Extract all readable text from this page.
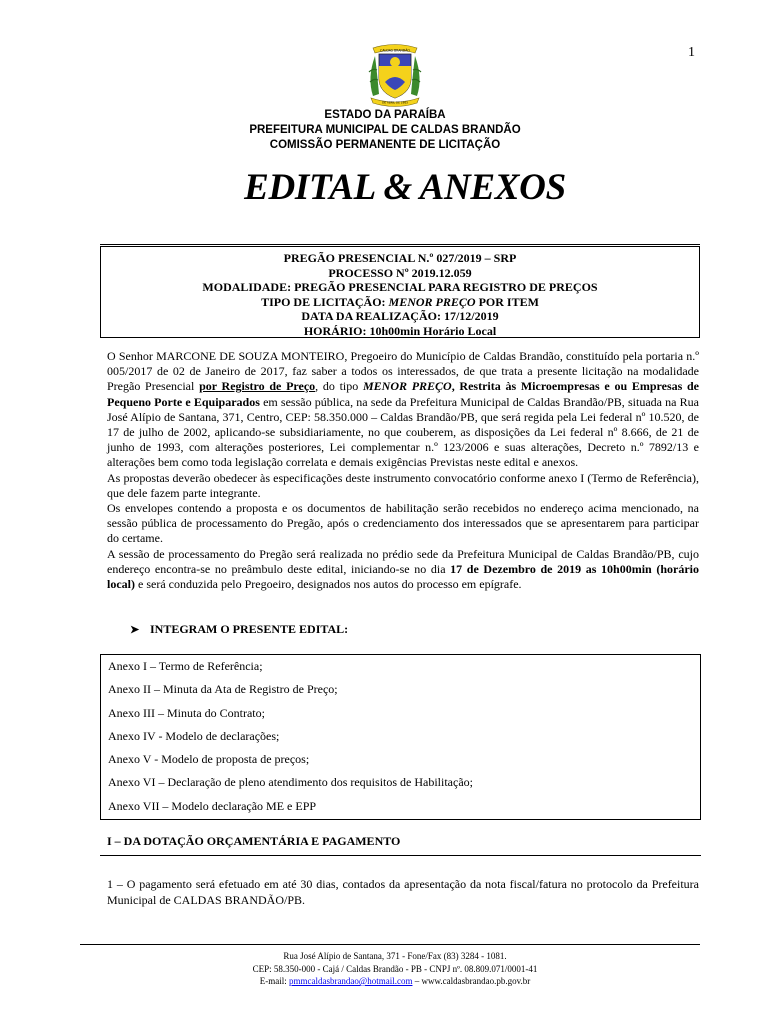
1
CALDAS BRANDÃO
DE ABRIL DE 1963
ESTADO DA PARAÍBA
PREFEITURA MUNICIPAL DE CALDAS BRANDÃO
COMISSÃO PERMANENTE DE LICITAÇÃO
EDITAL & ANEXOS
PREGÃO PRESENCIAL N.º 027/2019 – SRP
PROCESSO Nº 2019.12.059
MODALIDADE: PREGÃO PRESENCIAL PARA REGISTRO DE PREÇOS
TIPO DE LICITAÇÃO: MENOR PREÇO POR ITEM
DATA DA REALIZAÇÃO: 17/12/2019
HORÁRIO: 10h00min Horário Local

O Senhor MARCONE DE SOUZA MONTEIRO, Pregoeiro do Município de Caldas Brandão, constituído pela portaria n.º 005/2017 de 02 de Janeiro de 2017, faz saber a todos os interessados, de que trata a presente licitação na modalidade Pregão Presencial por Registro de Preço, do tipo MENOR PREÇO, Restrita às Microempresas e ou Empresas de Pequeno Porte e Equiparados em sessão pública, na sede da Prefeitura Municipal de Caldas Brandão/PB, situada na Rua José Alípio de Santana, 371, Centro, CEP: 58.350.000 – Caldas Brandão/PB, que será regida pela Lei federal nº 10.520, de 17 de julho de 2002, aplicando-se subsidiariamente, no que couberem, as disposições da Lei federal nº 8.666, de 21 de junho de 1993, com alterações posteriores, Lei complementar n.º 123/2006 e suas alterações, Decreto n.º 7892/13 e alterações bem como toda legislação correlata e demais exigências Previstas neste edital e anexos.

As propostas deverão obedecer às especificações deste instrumento convocatório conforme anexo I (Termo de Referência), que dele fazem parte integrante.

Os envelopes contendo a proposta e os documentos de habilitação serão recebidos no endereço acima mencionado, na sessão pública de processamento do Pregão, após o credenciamento dos interessados que se apresentarem para participar do certame.

A sessão de processamento do Pregão será realizada no prédio sede da Prefeitura Municipal de Caldas Brandão/PB, cujo endereço encontra-se no preâmbulo deste edital, iniciando-se no dia 17 de Dezembro de 2019 as 10h00min (horário local) e será conduzida pelo Pregoeiro, designados nos autos do processo em epígrafe.

➤ INTEGRAM O PRESENTE EDITAL:
Anexo I – Termo de Referência;
Anexo II – Minuta da Ata de Registro de Preço;
Anexo III – Minuta do Contrato;
Anexo IV - Modelo de declarações;
Anexo V - Modelo de proposta de preços;
Anexo VI – Declaração de pleno atendimento dos requisitos de Habilitação;
Anexo VII – Modelo declaração ME e EPP
I – DA DOTAÇÃO ORÇAMENTÁRIA E PAGAMENTO
1 – O pagamento será efetuado em até 30 dias, contados da apresentação da nota fiscal/fatura no protocolo da Prefeitura Municipal de CALDAS BRANDÃO/PB.
Rua José Alípio de Santana, 371 - Fone/Fax (83) 3284 - 1081.
CEP: 58.350-000 - Cajá / Caldas Brandão - PB - CNPJ nº. 08.809.071/0001-41
E-mail: pmmcaldasbrandao@hotmail.com – www.caldasbrandao.pb.gov.br
